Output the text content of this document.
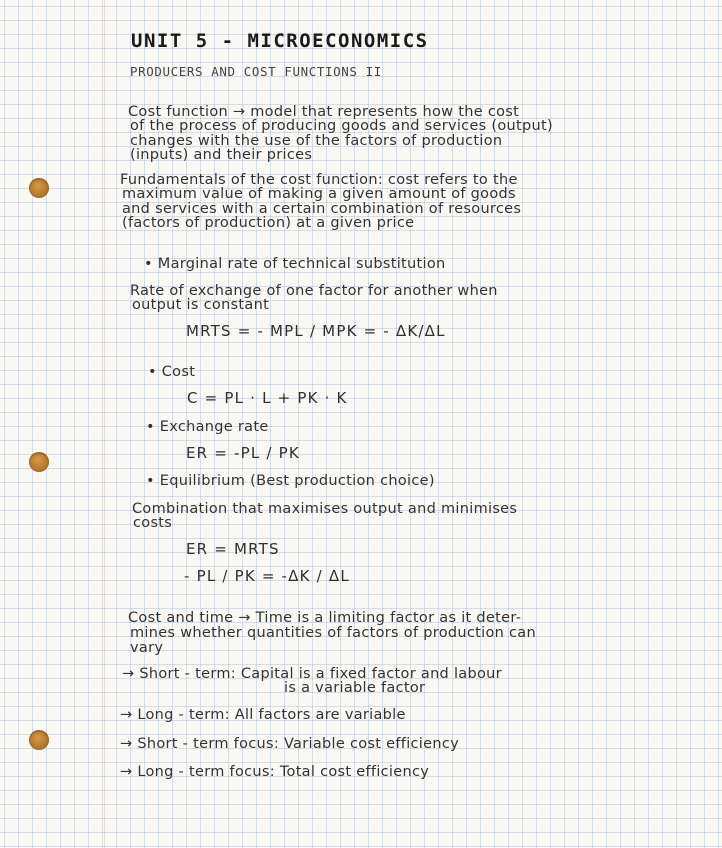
UNIT 5 - MICROECONOMICS
PRODUCERS AND COST FUNCTIONS II
Cost function → model that represents how the cost
of the process of producing goods and services (output)
changes with the use of the factors of production
(inputs) and their prices
Fundamentals of the cost function: cost refers to the
maximum value of making a given amount of goods
and services with a certain combination of resources
(factors of production) at a given price
• Marginal rate of technical substitution
Rate of exchange of one factor for another when
output is constant
MRTS = - MPL / MPK = - ΔK/ΔL
• Cost
C = PL · L + PK · K
• Exchange rate
ER = -PL / PK
• Equilibrium (Best production choice)
Combination that maximises output and minimises
costs
ER = MRTS
- PL / PK = -ΔK / ΔL
Cost and time → Time is a limiting factor as it deter-
mines whether quantities of factors of production can
vary
→ Short - term: Capital is a fixed factor and labour
is a variable factor
→ Long - term: All factors are variable
→ Short - term focus: Variable cost efficiency
→ Long - term focus: Total cost efficiency
